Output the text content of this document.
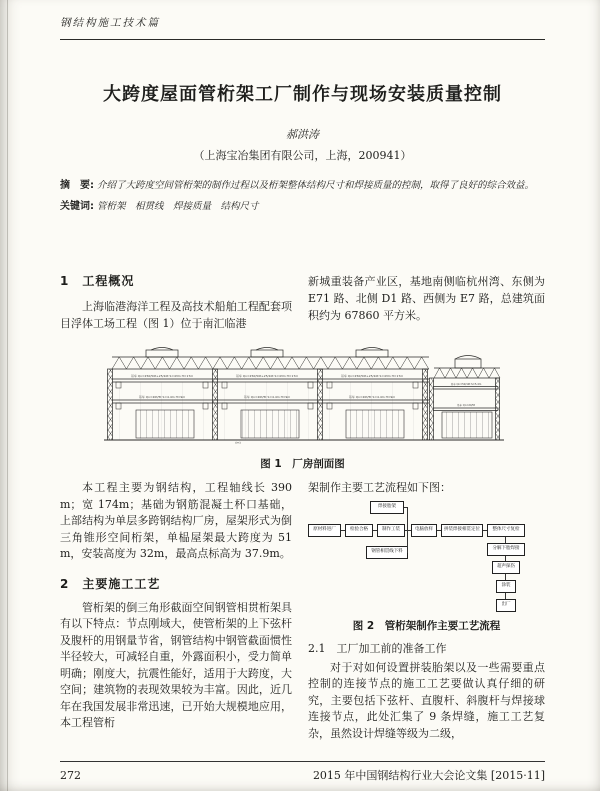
钢结构施工技术篇
大跨度屋面管桁架工厂制作与现场安装质量控制
郝洪涛
（上海宝冶集团有限公司，上海，200941）
摘　要: 介绍了大跨度空间管桁架的制作过程以及桁架整体结构尺寸和焊接质量的控制，取得了良好的综合效益。
关键词: 管桁架　相贯线　焊接质量　结构尺寸
1　工程概况

上海临港海洋工程及高技术船舶工程配套项目浮体工场工程（图 1）位于南汇临港

新城重装备产业区，基地南侧临杭州湾、东侧为 E71 路、北侧 D1 路、西侧为 E7 路，总建筑面积约为 67860 平方米。

吊车 Qn=250/50t+25/10t S=43m H=17m	吊车 Qn=250/50t+25/10t S=43m H=17m	吊车 Qn=250/50t+25/10t S=43m H=17m
吊车 Qn=20t/5t S=4.4m H=9m	吊车 Qn=20t/5t S=4.4m H=9m	吊车 Qn=20t/5t S=4.4m H=9m
吊车 Qn=50/10t S=5.4m
吊车 Qn=20/5t
(m)
图 1　厂房剖面图

本工程主要为钢结构，工程轴线长 390m；宽 174m；基础为钢筋混凝土杯口基础，上部结构为单层多跨钢结构厂房，屋架形式为倒三角锥形空间桁架，单榀屋架最大跨度为 51m，安装高度为 32m，最高点标高为 37.9m。

2　主要施工工艺

管桁架的倒三角形截面空间钢管相贯桁架具有以下特点：节点刚域大，使管桁架的上下弦杆及腹杆的用钢量节省，钢管结构中钢管截面惯性半径较大，可减轻自重，外露面积小，受力简单明确；刚度大，抗震性能好，适用于大跨度，大空间；建筑物的表现效果较为丰富。因此，近几年在我国发展非常迅速，已开始大规模地应用，本工程管桁

架制作主要工艺流程如下图：

焊接胎架
钢管相贯线下料
原材料进厂	检验合格	制作工装	电脑放样	拼装焊接相贯定位	整体尺寸复检
分解下胎焊接
超声探伤
涂装
出厂
图 2　管桁架制作主要工艺流程
2.1　工厂加工前的准备工作

对于对如何设置拼装胎架以及一些需要重点控制的连接节点的施工工艺要做认真仔细的研究，主要包括下弦杆、直腹杆、斜腹杆与焊接球连接节点，此处汇集了 9 条焊缝，施工工艺复杂，虽然设计焊缝等级为二级，

272	2015 年中国钢结构行业大会论文集 [2015·11]
